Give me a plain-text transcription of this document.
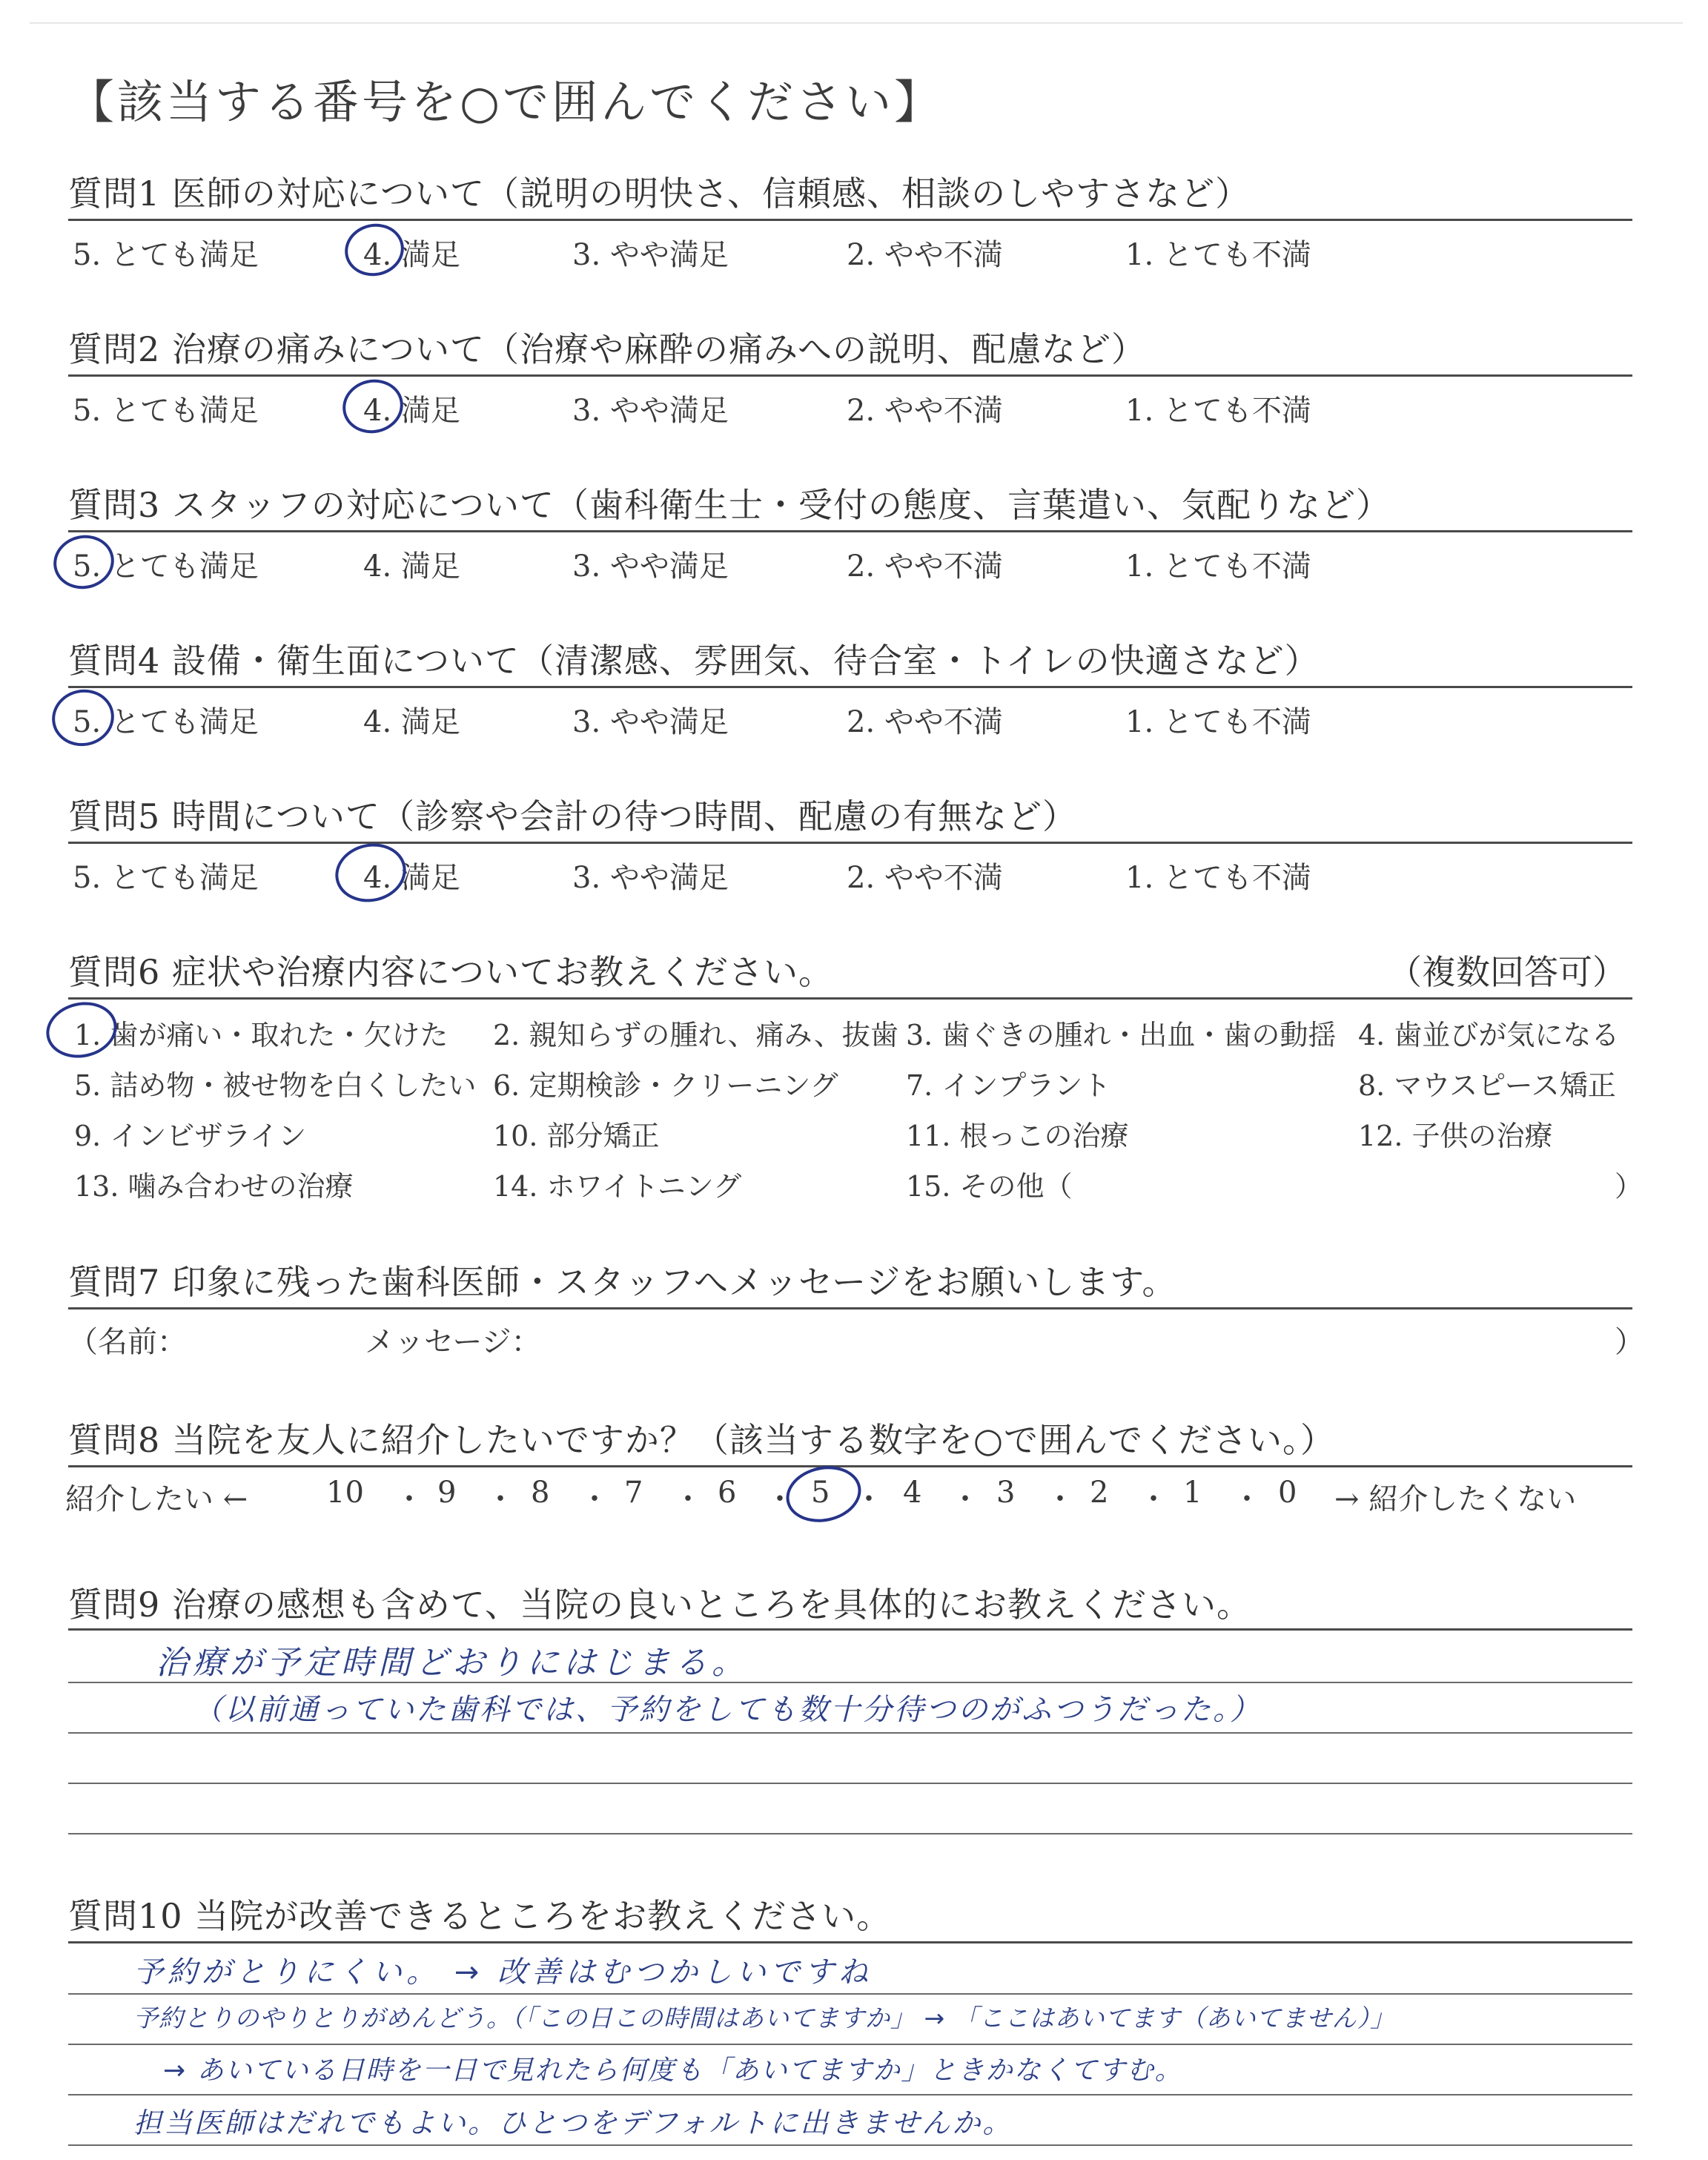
【該当する番号を○で囲んでください】
質問1 医師の対応について（説明の明快さ、信頼感、相談のしやすさなど）
5. とても満足	4. 満足	3. やや満足	2. やや不満	1. とても不満
質問2 治療の痛みについて（治療や麻酔の痛みへの説明、配慮など）
5. とても満足	4. 満足	3. やや満足	2. やや不満	1. とても不満
質問3 スタッフの対応について（歯科衛生士・受付の態度、言葉遣い、気配りなど）
5. とても満足	4. 満足	3. やや満足	2. やや不満	1. とても不満
質問4 設備・衛生面について（清潔感、雰囲気、待合室・トイレの快適さなど）
5. とても満足	4. 満足	3. やや満足	2. やや不満	1. とても不満
質問5 時間について（診察や会計の待つ時間、配慮の有無など）
5. とても満足	4. 満足	3. やや満足	2. やや不満	1. とても不満
質問6 症状や治療内容についてお教えください。	（複数回答可）
1. 歯が痛い・取れた・欠けた 2. 親知らずの腫れ、痛み、抜歯 3. 歯ぐきの腫れ・出血・歯の動揺 4. 歯並びが気になる
5. 詰め物・被せ物を白くしたい 6. 定期検診・クリーニング 7. インプラント	8. マウスピース矯正
9. インビザライン	10. 部分矯正	11. 根っこの治療	12. 子供の治療
13. 噛み合わせの治療	14. ホワイトニング	15. その他（	）
質問7 印象に残った歯科医師・スタッフへメッセージをお願いします。
（名前：	メッセージ：	）
質問8 当院を友人に紹介したいですか？（該当する数字を○で囲んでください。）
紹介したい ←	10 ・ 9 ・ 8 ・ 7 ・ 6 ・ 5 ・ 4 ・ 3 ・ 2 ・ 1 ・ 0 → 紹介したくない
質問9 治療の感想も含めて、当院の良いところを具体的にお教えください。
治療が予定時間どおりにはじまる。
（以前通っていた歯科では、予約をしても数十分待つのがふつうだった。）
質問10 当院が改善できるところをお教えください。
予約がとりにくい。 → 改善はむつかしいですね
予約とりのやりとりがめんどう。（「この日この時間はあいてますか」 → 「ここはあいてます（あいてません）」
→ あいている日時を一日で見れたら何度も「あいてますか」ときかなくてすむ。
担当医師はだれでもよい。ひとつをデフォルトに出きませんか。
